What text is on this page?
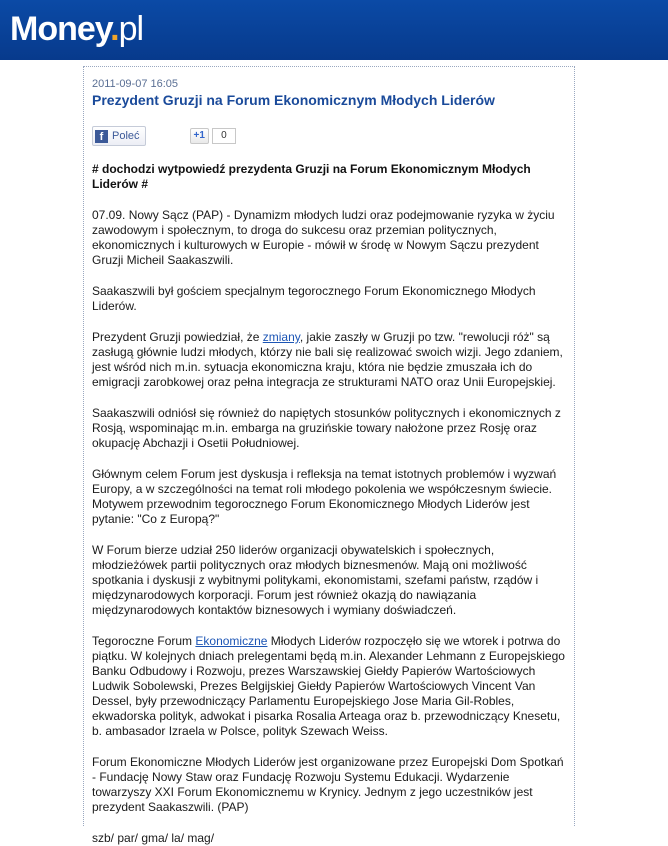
Money.pl
2011-09-07 16:05
Prezydent Gruzji na Forum Ekonomicznym Młodych Liderów
f Poleć	+1	0
# dochodzi wytpowiedź prezydenta Gruzji na Forum Ekonomicznym Młodych Liderów #

07.09. Nowy Sącz (PAP) - Dynamizm młodych ludzi oraz podejmowanie ryzyka w życiu zawodowym i społecznym, to droga do sukcesu oraz przemian politycznych, ekonomicznych i kulturowych w Europie - mówił w środę w Nowym Sączu prezydent Gruzji Micheil Saakaszwili.

Saakaszwili był gościem specjalnym tegorocznego Forum Ekonomicznego Młodych Liderów.

Prezydent Gruzji powiedział, że zmiany, jakie zaszły w Gruzji po tzw. "rewolucji róż" są zasługą głównie ludzi młodych, którzy nie bali się realizować swoich wizji. Jego zdaniem, jest wśród nich m.in. sytuacja ekonomiczna kraju, która nie będzie zmuszała ich do emigracji zarobkowej oraz pełna integracja ze strukturami NATO oraz Unii Europejskiej.

Saakaszwili odniósł się również do napiętych stosunków politycznych i ekonomicznych z Rosją, wspominając m.in. embarga na gruzińskie towary nałożone przez Rosję oraz okupację Abchazji i Osetii Południowej.

Głównym celem Forum jest dyskusja i refleksja na temat istotnych problemów i wyzwań Europy, a w szczególności na temat roli młodego pokolenia we współczesnym świecie. Motywem przewodnim tegorocznego Forum Ekonomicznego Młodych Liderów jest pytanie: "Co z Europą?"

W Forum bierze udział 250 liderów organizacji obywatelskich i społecznych, młodzieżówek partii politycznych oraz młodych biznesmenów. Mają oni możliwość spotkania i dyskusji z wybitnymi politykami, ekonomistami, szefami państw, rządów i międzynarodowych korporacji. Forum jest również okazją do nawiązania międzynarodowych kontaktów biznesowych i wymiany doświadczeń.

Tegoroczne Forum Ekonomiczne Młodych Liderów rozpoczęło się we wtorek i potrwa do piątku. W kolejnych dniach prelegentami będą m.in. Alexander Lehmann z Europejskiego Banku Odbudowy i Rozwoju, prezes Warszawskiej Giełdy Papierów Wartościowych Ludwik Sobolewski, Prezes Belgijskiej Giełdy Papierów Wartościowych Vincent Van Dessel, były przewodniczący Parlamentu Europejskiego Jose Maria Gil-Robles, ekwadorska polityk, adwokat i pisarka Rosalia Arteaga oraz b. przewodniczący Knesetu, b. ambasador Izraela w Polsce, polityk Szewach Weiss.

Forum Ekonomiczne Młodych Liderów jest organizowane przez Europejski Dom Spotkań - Fundację Nowy Staw oraz Fundację Rozwoju Systemu Edukacji. Wydarzenie towarzyszy XXI Forum Ekonomicznemu w Krynicy. Jednym z jego uczestników jest prezydent Saakaszwili. (PAP)

szb/ par/ gma/ la/ mag/
